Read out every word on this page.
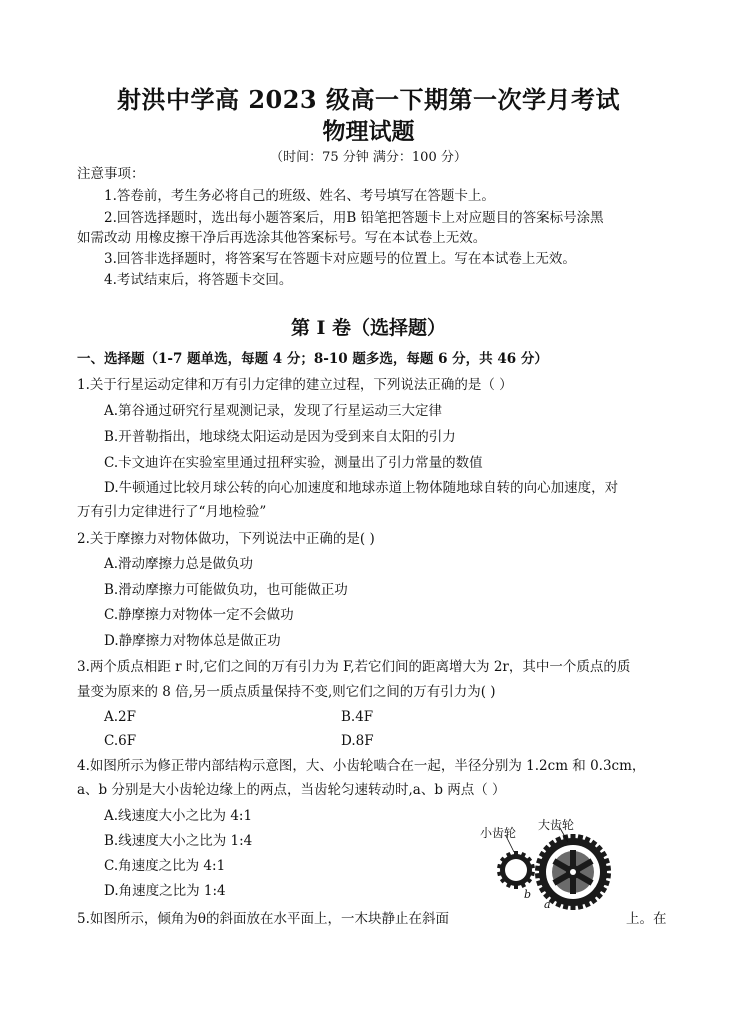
射洪中学高 2023 级高一下期第一次学月考试
物理试题
（时间：75 分钟 满分：100 分）
注意事项：
1.答卷前，考生务必将自己的班级、姓名、考号填写在答题卡上。
2.回答选择题时，选出每小题答案后，用B 铅笔把答题卡上对应题目的答案标号涂黑
如需改动 用橡皮擦干净后再选涂其他答案标号。写在本试卷上无效。
3.回答非选择题时，将答案写在答题卡对应题号的位置上。写在本试卷上无效。
4.考试结束后，将答题卡交回。
第 I 卷（选择题）
一、选择题（1-7 题单选，每题 4 分；8-10 题多选，每题 6 分，共 46 分）
1.关于行星运动定律和万有引力定律的建立过程，下列说法正确的是（ ）
A.第谷通过研究行星观测记录，发现了行星运动三大定律
B.开普勒指出，地球绕太阳运动是因为受到来自太阳的引力
C.卡文迪许在实验室里通过扭秤实验，测量出了引力常量的数值
D.牛顿通过比较月球公转的向心加速度和地球赤道上物体随地球自转的向心加速度，对
万有引力定律进行了“月地检验”
2.关于摩擦力对物体做功，下列说法中正确的是( )
A.滑动摩擦力总是做负功
B.滑动摩擦力可能做负功，也可能做正功
C.静摩擦力对物体一定不会做功
D.静摩擦力对物体总是做正功
3.两个质点相距 r 时,它们之间的万有引力为 F,若它们间的距离增大为 2r，其中一个质点的质
量变为原来的 8 倍,另一质点质量保持不变,则它们之间的万有引力为( )
A.2F	B.4F
C.6F	D.8F
4.如图所示为修正带内部结构示意图，大、小齿轮啮合在一起，半径分别为 1.2cm 和 0.3cm，
a、b 分别是大小齿轮边缘上的两点，当齿轮匀速转动时,a、b 两点（ ）
A.线速度大小之比为 4:1
B.线速度大小之比为 1:4
C.角速度之比为 4:1
D.角速度之比为 1:4
小齿轮
大齿轮
b
a
5.如图所示，倾角为θ的斜面放在水平面上，一木块静止在斜面	上。在
